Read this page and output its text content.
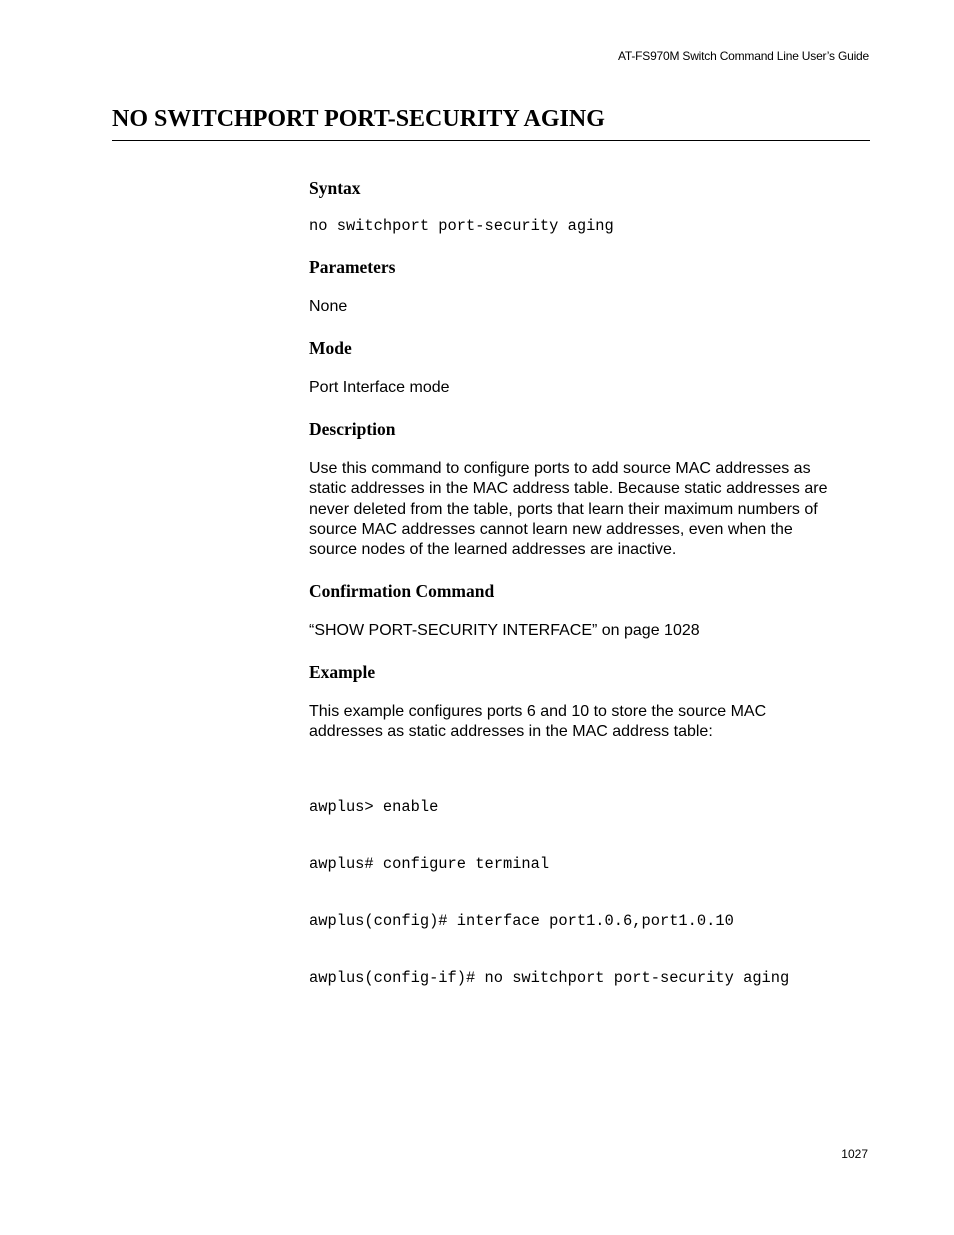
AT-FS970M Switch Command Line User’s Guide
NO SWITCHPORT PORT-SECURITY AGING
Syntax
no switchport port-security aging
Parameters

None

Mode

Port Interface mode

Description
Use this command to configure ports to add source MAC addresses as
static addresses in the MAC address table. Because static addresses are
never deleted from the table, ports that learn their maximum numbers of
source MAC addresses cannot learn new addresses, even when the
source nodes of the learned addresses are inactive.
Confirmation Command

“SHOW PORT-SECURITY INTERFACE” on page 1028

Example
This example configures ports 6 and 10 to store the source MAC
addresses as static addresses in the MAC address table:

awplus> enable

awplus# configure terminal

awplus(config)# interface port1.0.6,port1.0.10

awplus(config-if)# no switchport port-security aging

1027
